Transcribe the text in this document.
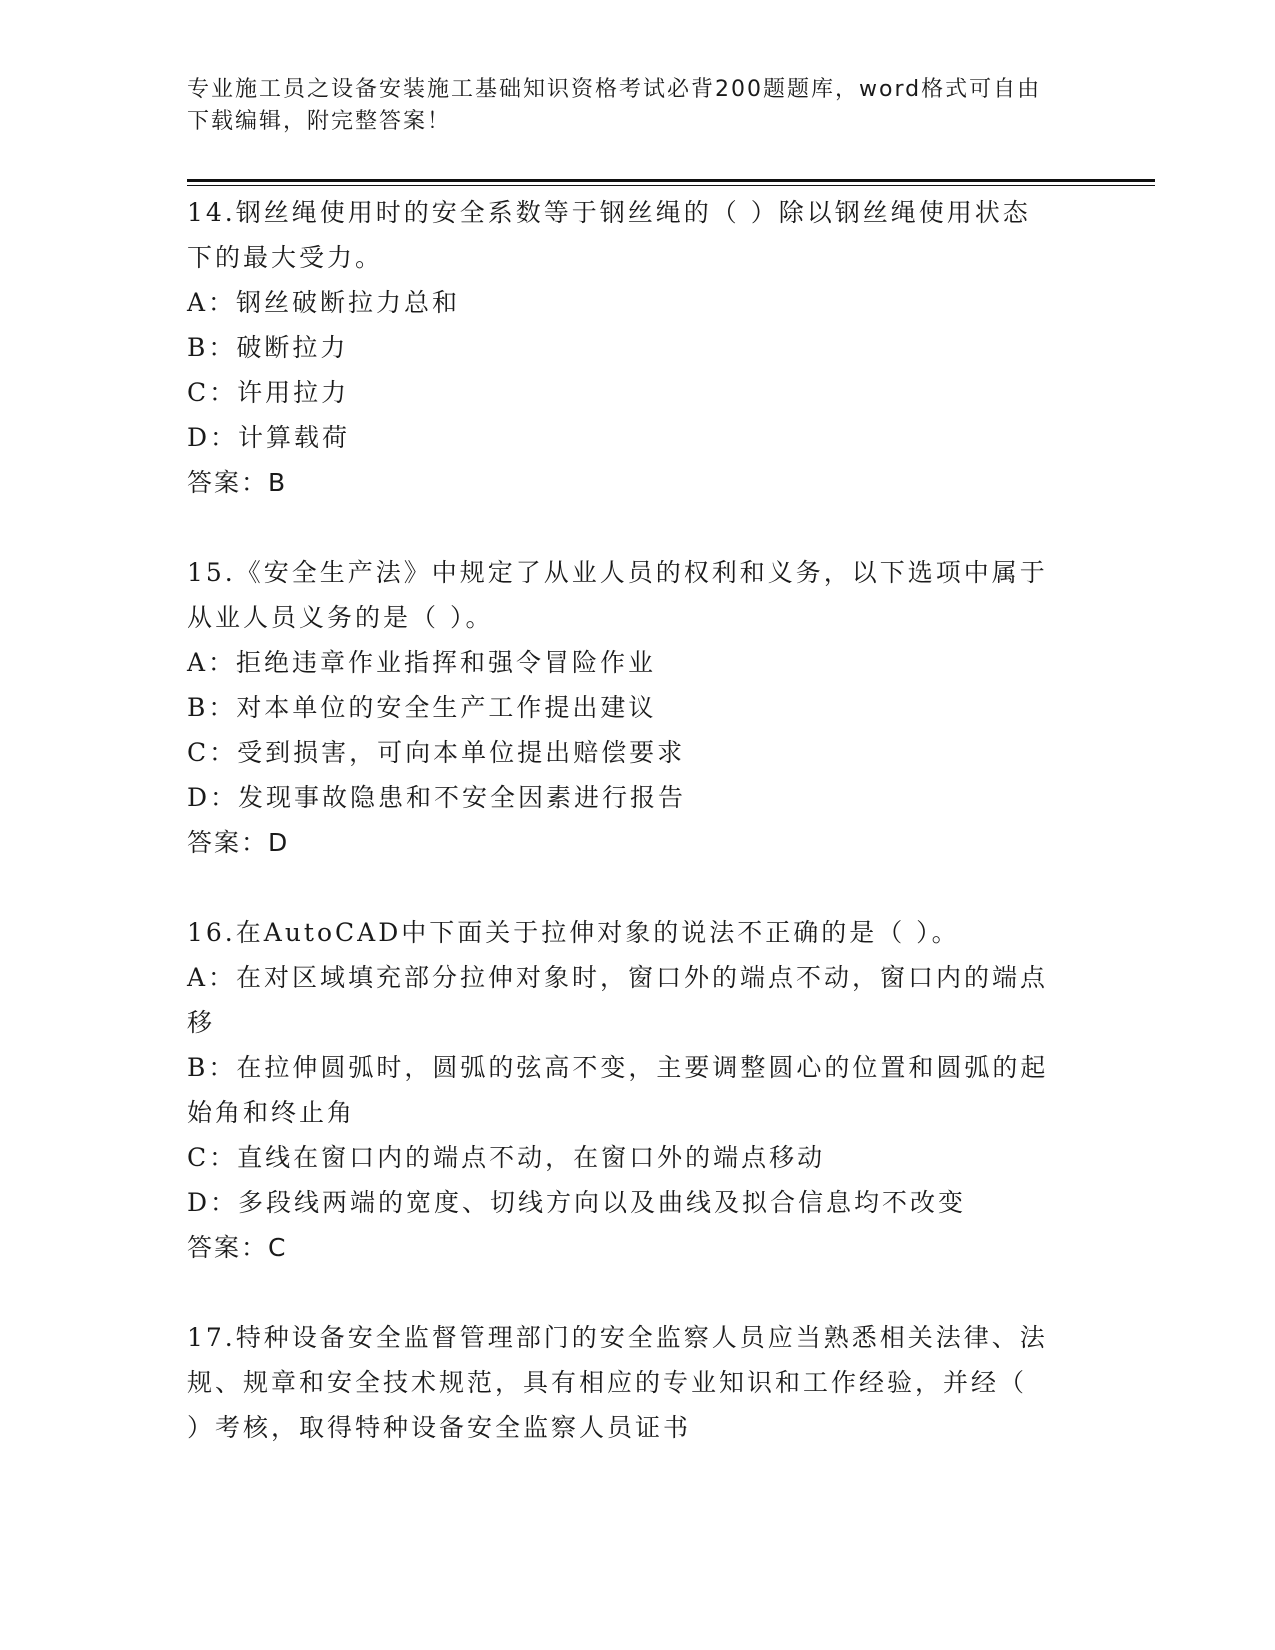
专业施工员之设备安装施工基础知识资格考试必背200题题库，word格式可自由
下载编辑，附完整答案！

14.钢丝绳使用时的安全系数等于钢丝绳的（ ）除以钢丝绳使用状态

下的最大受力。

A：钢丝破断拉力总和

B：破断拉力

C：许用拉力

D：计算载荷

答案：B

15.《安全生产法》中规定了从业人员的权利和义务，以下选项中属于

从业人员义务的是（ ）。

A：拒绝违章作业指挥和强令冒险作业

B：对本单位的安全生产工作提出建议

C：受到损害，可向本单位提出赔偿要求

D：发现事故隐患和不安全因素进行报告

答案：D

16.在AutoCAD中下面关于拉伸对象的说法不正确的是（ ）。

A：在对区域填充部分拉伸对象时，窗口外的端点不动，窗口内的端点

移

B：在拉伸圆弧时，圆弧的弦高不变，主要调整圆心的位置和圆弧的起

始角和终止角

C：直线在窗口内的端点不动，在窗口外的端点移动

D：多段线两端的宽度、切线方向以及曲线及拟合信息均不改变

答案：C

17.特种设备安全监督管理部门的安全监察人员应当熟悉相关法律、法

规、规章和安全技术规范，具有相应的专业知识和工作经验，并经（

）考核，取得特种设备安全监察人员证书
